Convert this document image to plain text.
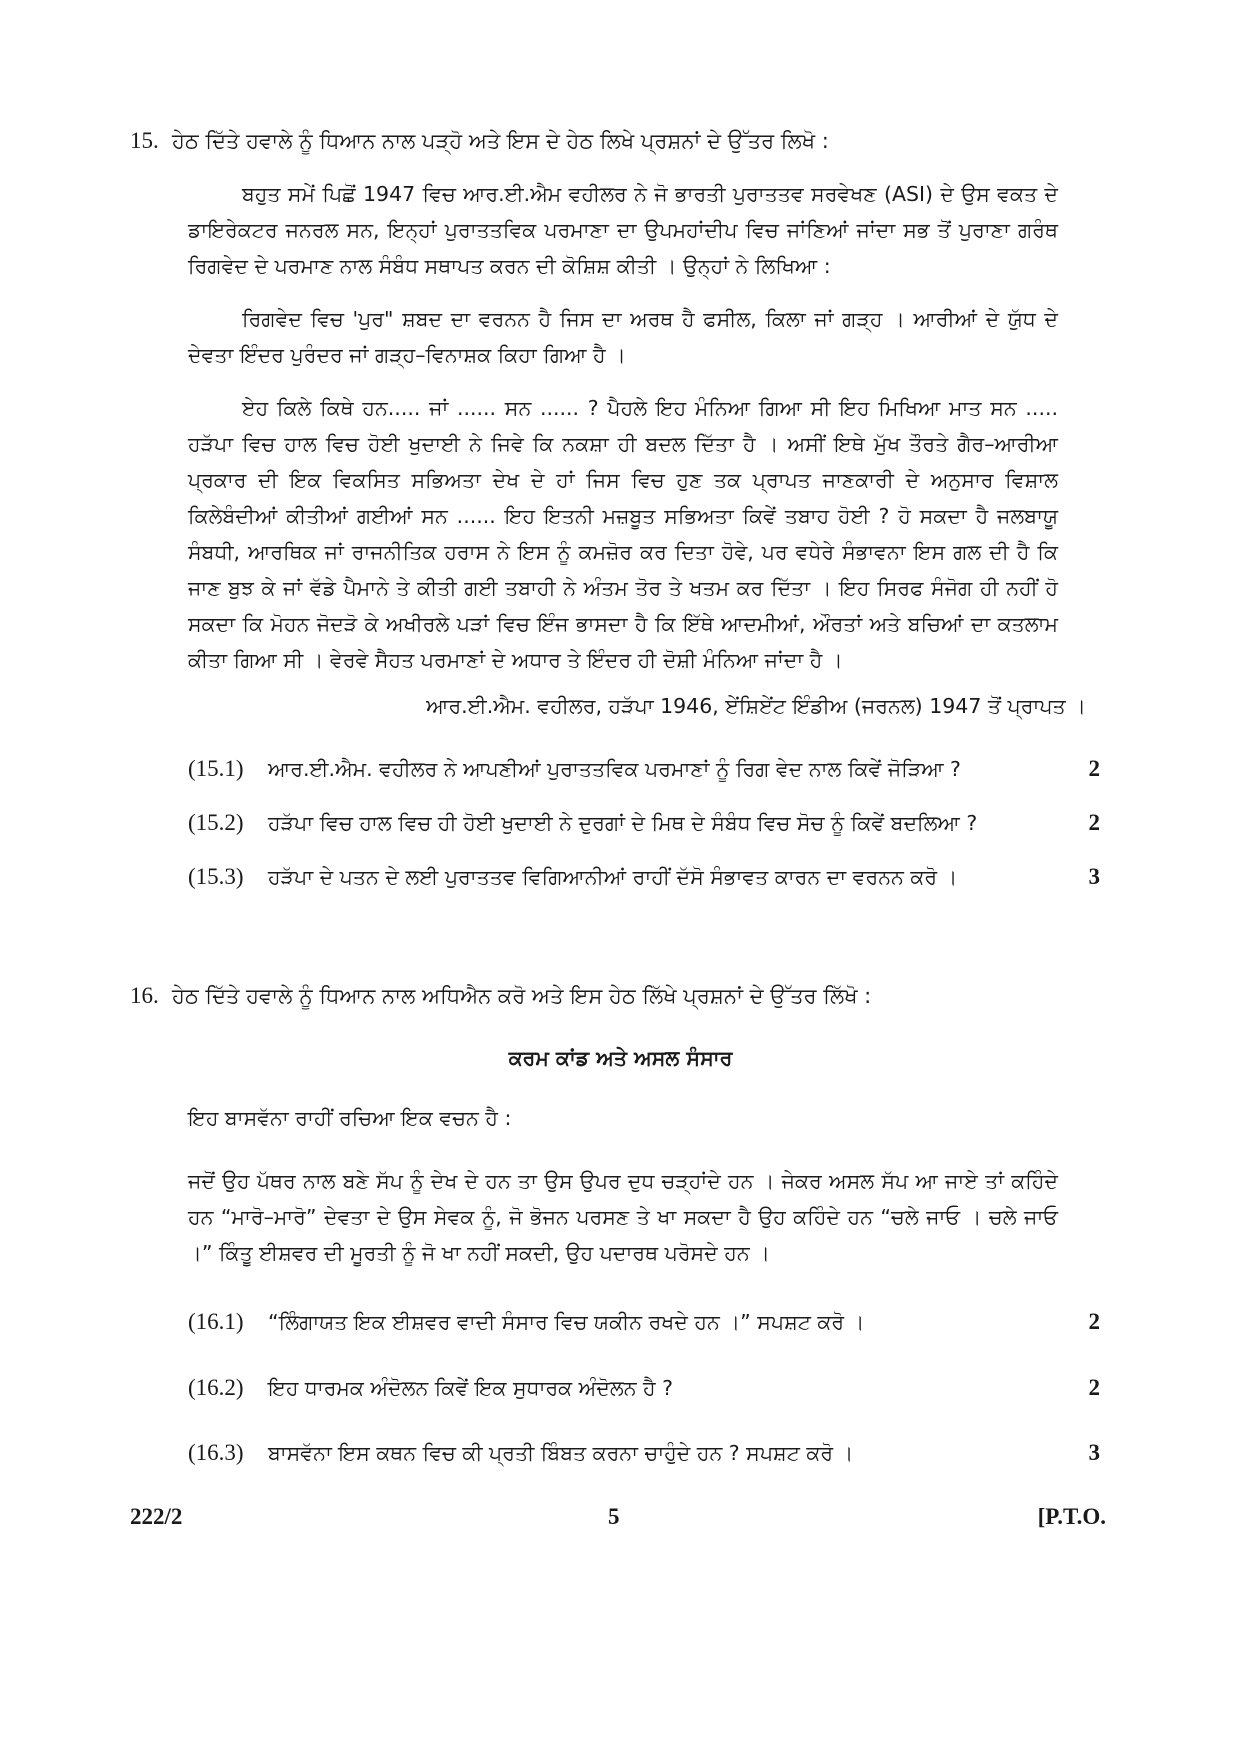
15. ਹੇਠ ਦਿੱਤੇ ਹਵਾਲੇ ਨੂੰ ਧਿਆਨ ਨਾਲ ਪੜ੍ਹੋ ਅਤੇ ਇਸ ਦੇ ਹੇਠ ਲਿਖੇ ਪ੍ਰਸ਼ਨਾਂ ਦੇ ਉੱਤਰ ਲਿਖੋ :

ਬਹੁਤ ਸਮੇਂ ਪਿਛੋਂ 1947 ਵਿਚ ਆਰ.ਈ.ਐਮ ਵਹੀਲਰ ਨੇ ਜੋ ਭਾਰਤੀ ਪੁਰਾਤਤਵ ਸਰਵੇਖਣ (ASI) ਦੇ ਉਸ ਵਕਤ ਦੇ ਡਾਇਰੇਕਟਰ ਜਨਰਲ ਸਨ, ਇਨ੍ਹਾਂ ਪੁਰਾਤਤਵਿਕ ਪਰਮਾਣਾ ਦਾ ਉਪਮਹਾਂਦੀਪ ਵਿਚ ਜਾਂਣਿਆਂ ਜਾਂਦਾ ਸਭ ਤੋਂ ਪੁਰਾਣਾ ਗਰੰਥ ਰਿਗਵੇਦ ਦੇ ਪਰਮਾਣ ਨਾਲ ਸੰਬੰਧ ਸਥਾਪਤ ਕਰਨ ਦੀ ਕੋਸ਼ਿਸ਼ ਕੀਤੀ । ਉਨ੍ਹਾਂ ਨੇ ਲਿਖਿਆ :

ਰਿਗਵੇਦ ਵਿਚ 'ਪੁਰ" ਸ਼ਬਦ ਦਾ ਵਰਨਨ ਹੈ ਜਿਸ ਦਾ ਅਰਥ ਹੈ ਫਸੀਲ, ਕਿਲਾ ਜਾਂ ਗੜ੍ਹ । ਆਰੀਆਂ ਦੇ ਯੁੱਧ ਦੇ ਦੇਵਤਾ ਇੰਦਰ ਪੁਰੰਦਰ ਜਾਂ ਗੜ੍ਹ–ਵਿਨਾਸ਼ਕ ਕਿਹਾ ਗਿਆ ਹੈ ।

ਏਹ ਕਿਲੇ ਕਿਥੇ ਹਨ..... ਜਾਂ ...... ਸਨ ...... ? ਪੈਹਲੇ ਇਹ ਮੰਨਿਆ ਗਿਆ ਸੀ ਇਹ ਮਿਖਿਆ ਮਾਤ ਸਨ ..... ਹੜੱਪਾ ਵਿਚ ਹਾਲ ਵਿਚ ਹੋਈ ਖੁਦਾਈ ਨੇ ਜਿਵੇ ਕਿ ਨਕਸ਼ਾ ਹੀ ਬਦਲ ਦਿੱਤਾ ਹੈ । ਅਸੀਂ ਇਥੇ ਮੁੱਖ ਤੌਰਤੇ ਗੈਰ–ਆਰੀਆ ਪ੍ਰਕਾਰ ਦੀ ਇਕ ਵਿਕਸਿਤ ਸਭਿਅਤਾ ਦੇਖ ਦੇ ਹਾਂ ਜਿਸ ਵਿਚ ਹੁਣ ਤਕ ਪ੍ਰਾਪਤ ਜਾਣਕਾਰੀ ਦੇ ਅਨੁਸਾਰ ਵਿਸ਼ਾਲ ਕਿਲੇਬੰਦੀਆਂ ਕੀਤੀਆਂ ਗਈਆਂ ਸਨ ...... ਇਹ ਇਤਨੀ ਮਜ਼ਬੂਤ ਸਭਿਅਤਾ ਕਿਵੇਂ ਤਬਾਹ ਹੋਈ ? ਹੋ ਸਕਦਾ ਹੈ ਜਲਬਾਯੂ ਸੰਬਧੀ, ਆਰਥਿਕ ਜਾਂ ਰਾਜਨੀਤਿਕ ਹਰਾਸ ਨੇ ਇਸ ਨੂੰ ਕਮਜ਼ੋਰ ਕਰ ਦਿਤਾ ਹੋਵੇ, ਪਰ ਵਧੇਰੇ ਸੰਭਾਵਨਾ ਇਸ ਗਲ ਦੀ ਹੈ ਕਿ ਜਾਣ ਬੁਝ ਕੇ ਜਾਂ ਵੱਡੇ ਪੈਮਾਨੇ ਤੇ ਕੀਤੀ ਗਈ ਤਬਾਹੀ ਨੇ ਅੰਤਮ ਤੋਰ ਤੇ ਖਤਮ ਕਰ ਦਿੱਤਾ । ਇਹ ਸਿਰਫ ਸੰਜੋਗ ਹੀ ਨਹੀਂ ਹੋ ਸਕਦਾ ਕਿ ਮੋਹਨ ਜੋਦੜੋ ਕੇ ਅਖੀਰਲੇ ਪੜਾਂ ਵਿਚ ਇੰਜ ਭਾਸਦਾ ਹੈ ਕਿ ਇੱਥੇ ਆਦਮੀਆਂ, ਔਰਤਾਂ ਅਤੇ ਬਚਿਆਂ ਦਾ ਕਤਲਾਮ ਕੀਤਾ ਗਿਆ ਸੀ । ਵੇਰਵੇ ਸੈਹਤ ਪਰਮਾਣਾਂ ਦੇ ਅਧਾਰ ਤੇ ਇੰਦਰ ਹੀ ਦੋਸ਼ੀ ਮੰਨਿਆ ਜਾਂਦਾ ਹੈ ।

ਆਰ.ਈ.ਐਮ. ਵਹੀਲਰ, ਹੜੱਪਾ 1946, ਏਂਸ਼ਿਏਂਟ ਇੰਡੀਅ (ਜਰਨਲ) 1947 ਤੋਂ ਪ੍ਰਾਪਤ ।
(15.1)	ਆਰ.ਈ.ਐਮ. ਵਹੀਲਰ ਨੇ ਆਪਣੀਆਂ ਪੁਰਾਤਤਵਿਕ ਪਰਮਾਣਾਂ ਨੂੰ ਰਿਗ ਵੇਦ ਨਾਲ ਕਿਵੇਂ ਜੋੜਿਆ ?	2
(15.2)	ਹੜੱਪਾ ਵਿਚ ਹਾਲ ਵਿਚ ਹੀ ਹੋਈ ਖੁਦਾਈ ਨੇ ਦੁਰਗਾਂ ਦੇ ਮਿਥ ਦੇ ਸੰਬੰਧ ਵਿਚ ਸੋਚ ਨੂੰ ਕਿਵੇਂ ਬਦਲਿਆ ?	2
(15.3)	ਹੜੱਪਾ ਦੇ ਪਤਨ ਦੇ ਲਈ ਪੁਰਾਤਤਵ ਵਿਗਿਆਨੀਆਂ ਰਾਹੀਂ ਦੱਸੋ ਸੰਭਾਵਤ ਕਾਰਨ ਦਾ ਵਰਨਨ ਕਰੋ ।	3
16. ਹੇਠ ਦਿੱਤੇ ਹਵਾਲੇ ਨੂੰ ਧਿਆਨ ਨਾਲ ਅਧਿਐਨ ਕਰੋ ਅਤੇ ਇਸ ਹੇਠ ਲਿੱਖੇ ਪ੍ਰਸ਼ਨਾਂ ਦੇ ਉੱਤਰ ਲਿੱਖੋ :
ਕਰਮ ਕਾਂਡ ਅਤੇ ਅਸਲ ਸੰਸਾਰ

ਇਹ ਬਾਸਵੱਨਾ ਰਾਹੀਂ ਰਚਿਆ ਇਕ ਵਚਨ ਹੈ :

ਜਦੋਂ ਉਹ ਪੱਥਰ ਨਾਲ ਬਣੇ ਸੱਪ ਨੂੰ ਦੇਖ ਦੇ ਹਨ ਤਾ ਉਸ ਉਪਰ ਦੁਧ ਚੜ੍ਹਾਂਦੇ ਹਨ । ਜੇਕਰ ਅਸਲ ਸੱਪ ਆ ਜਾਏ ਤਾਂ ਕਹਿੰਦੇ ਹਨ “ਮਾਰੋ–ਮਾਰੋ” ਦੇਵਤਾ ਦੇ ਉਸ ਸੇਵਕ ਨੂੰ, ਜੋ ਭੋਜਨ ਪਰਸਣ ਤੇ ਖਾ ਸਕਦਾ ਹੈ ਉਹ ਕਹਿੰਦੇ ਹਨ “ਚਲੇ ਜਾਓ । ਚਲੇ ਜਾਓ ।” ਕਿੰਤੂ ਈਸ਼ਵਰ ਦੀ ਮੂਰਤੀ ਨੂੰ ਜੋ ਖਾ ਨਹੀਂ ਸਕਦੀ, ਉਹ ਪਦਾਰਥ ਪਰੋਸਦੇ ਹਨ ।

(16.1)	“ਲਿੰਗਾਯਤ ਇਕ ਈਸ਼ਵਰ ਵਾਦੀ ਸੰਸਾਰ ਵਿਚ ਯਕੀਨ ਰਖਦੇ ਹਨ ।” ਸਪਸ਼ਟ ਕਰੋ ।	2
(16.2)	ਇਹ ਧਾਰਮਕ ਅੰਦੋਲਨ ਕਿਵੇਂ ਇਕ ਸੁਧਾਰਕ ਅੰਦੋਲਨ ਹੈ ?	2
(16.3)	ਬਾਸਵੱਨਾ ਇਸ ਕਥਨ ਵਿਚ ਕੀ ਪ੍ਰਤੀ ਬਿੰਬਤ ਕਰਨਾ ਚਾਹੁੰਦੇ ਹਨ ? ਸਪਸ਼ਟ ਕਰੋ ।	3
222/2	5	[P.T.O.
